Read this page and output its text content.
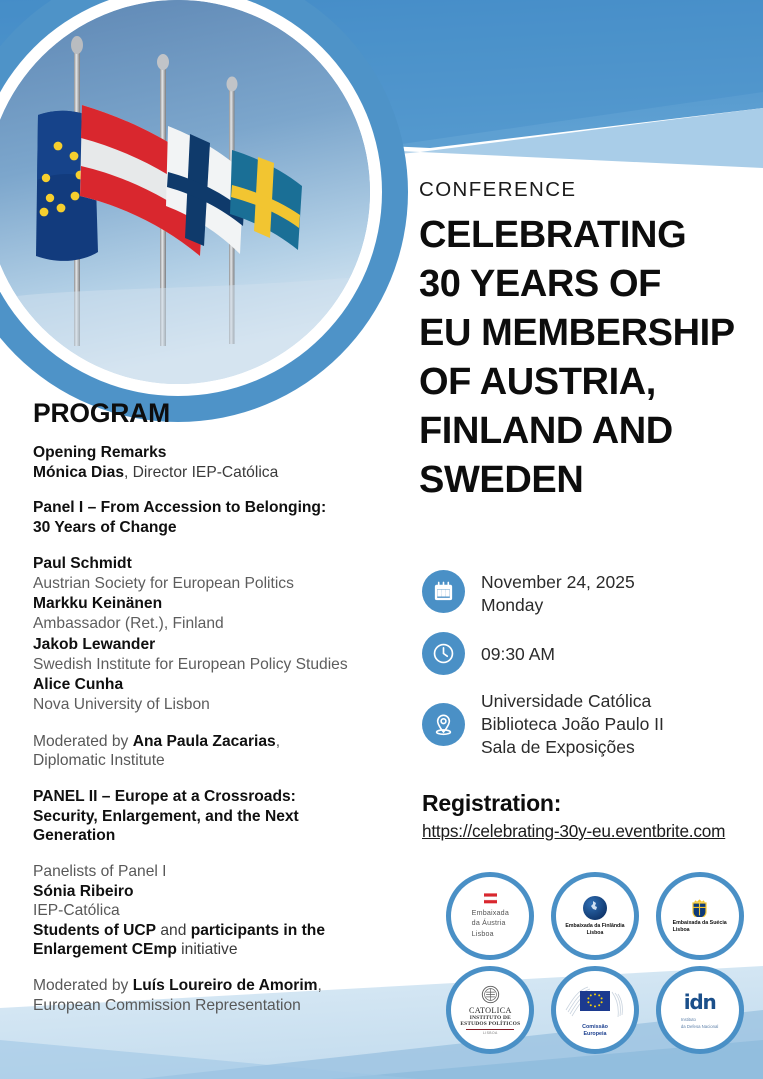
CONFERENCE
CELEBRATING
30 YEARS OF
EU MEMBERSHIP
OF AUSTRIA,
FINLAND AND
SWEDEN
November 24, 2025
Monday
09:30 AM
Universidade Católica
Biblioteca João Paulo II
Sala de Exposições
Registration:
https://celebrating-30y-eu.eventbrite.com
Embaixada
da Áustria
Lisboa
Embaixada da Finlândia
Lisboa
Embaixada da Suécia
Lisboa
CATOLICA
INSTITUTO DE
ESTUDOS POLÍTICOS
LISBOA
Comissão
Europeia
idn
Instituto
da Defesa Nacional
PROGRAM
Opening Remarks
Mónica Dias, Director IEP-Católica
Panel I – From Accession to Belonging:
30 Years of Change
Paul Schmidt
Austrian Society for European Politics
Markku Keinänen
Ambassador (Ret.), Finland
Jakob Lewander
Swedish Institute for European Policy Studies
Alice Cunha
Nova University of Lisbon
Moderated by Ana Paula Zacarias,
Diplomatic Institute
PANEL II – Europe at a Crossroads:
Security, Enlargement, and the Next
Generation
Panelists of Panel I
Sónia Ribeiro
IEP-Católica
Students of UCP and participants in the
Enlargement CEmp initiative
Moderated by Luís Loureiro de Amorim,
European Commission Representation
